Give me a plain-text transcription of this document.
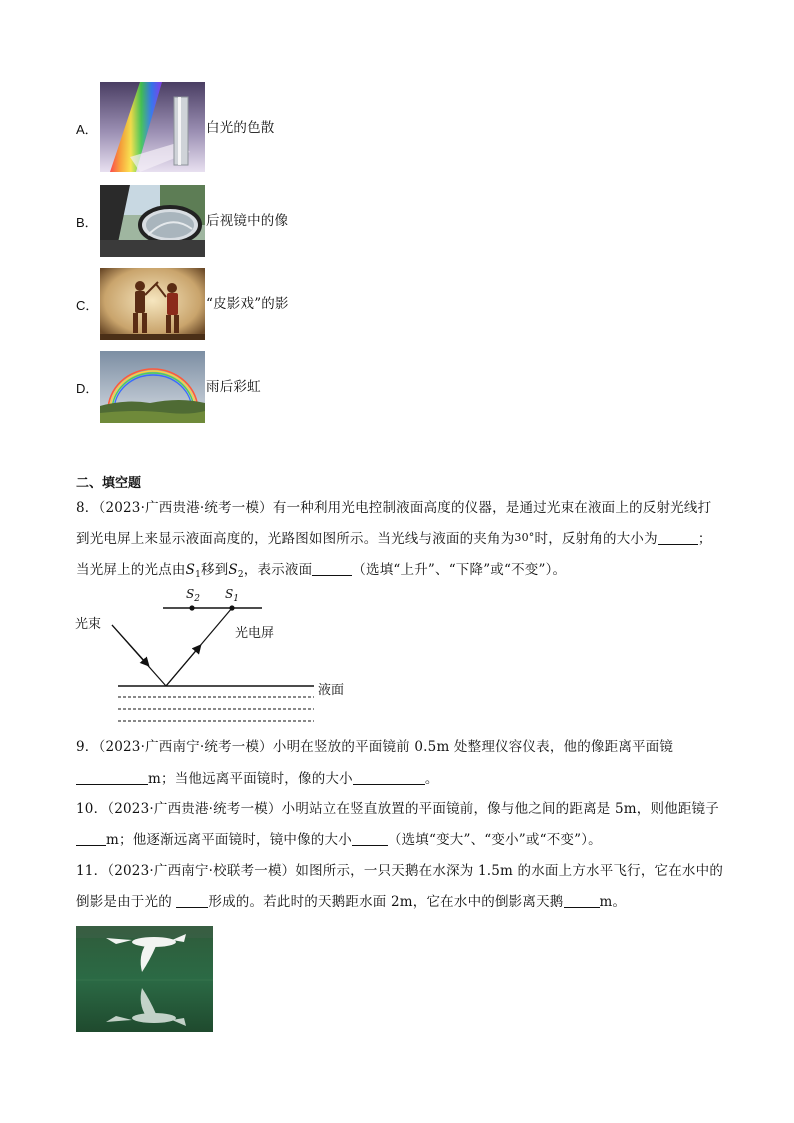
A．	白光的色散
B．	后视镜中的像
C．	“皮影戏”的影
D．	雨后彩虹
二、填空题
8．（2023·广西贵港·统考一模）有一种利用光电控制液面高度的仪器，是通过光束在液面上的反射光线打
到光电屏上来显示液面高度的，光路图如图所示。当光线与液面的夹角为30°时，反射角的大小为	；
当光屏上的光点由$S_1$移到$S_2$，表示液面	（选填“上升”、“下降”或“不变”）。
$S_2$ $S_1$
光束
光电屏
液面
9．（2023·广西南宁·统考一模）小明在竖放的平面镜前 0.5m 处整理仪容仪表，他的像距离平面镜
m；当他远离平面镜时，像的大小	。
10．（2023·广西贵港·统考一模）小明站立在竖直放置的平面镜前，像与他之间的距离是 5m，则他距镜子
m；他逐渐远离平面镜时，镜中像的大小	（选填“变大”、“变小”或“不变”）。
11．（2023·广西南宁·校联考一模）如图所示，一只天鹅在水深为 1.5m 的水面上方水平飞行，它在水中的
倒影是由于光的 形成的。若此时的天鹅距水面 2m，它在水中的倒影离天鹅	m。
